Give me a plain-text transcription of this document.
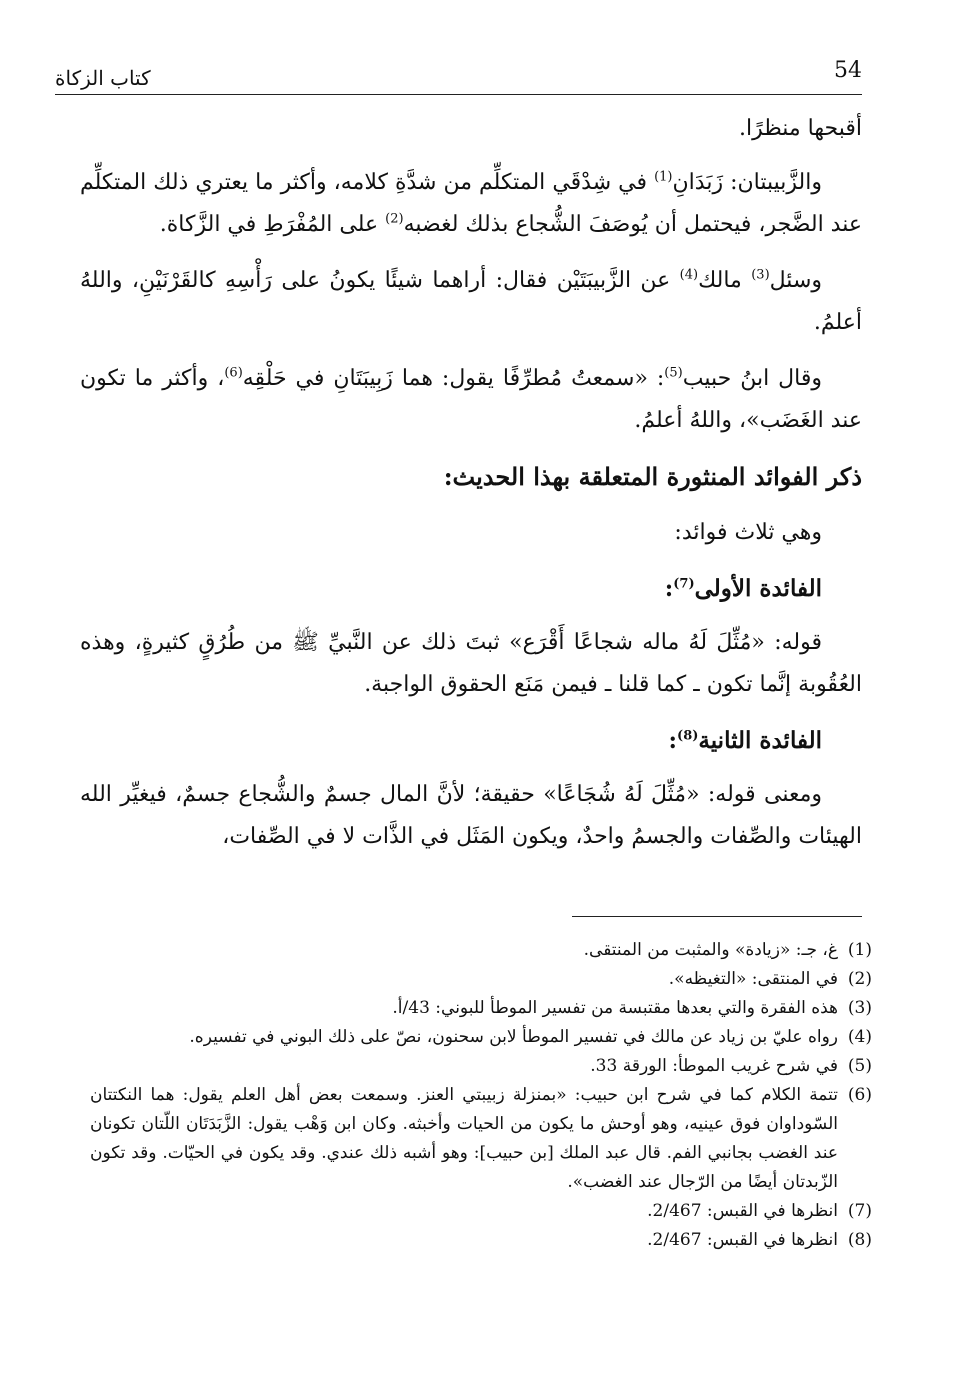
54
كتاب الزكاة

أقبحها منظرًا.

والزَّبيبتان: زَبَدَانِ$^{(1)}$ في شِدْقَي المتكلِّم من شدَّةِ كلامه، وأكثر ما يعتري ذلك المتكلِّم عند الضَّجر، فيحتمل أن يُوصَفَ الشُّجاع بذلك لغضبه$^{(2)}$ على المُفْرَطِ في الزَّكاة.

وسئل$^{(3)}$ مالك$^{(4)}$ عن الزَّبيبَتَيْن فقال: أراهما شيئًا يكونُ على رَأْسِهِ كالقَرْنَيْنِ، واللهُ أعلمُ.

وقال ابنُ حبيب$^{(5)}$: «سمعتُ مُطرِّفًا يقول: هما زَبِيبَتَانِ في حَلْقِه$^{(6)}$، وأكثر ما تكون عند الغَضَب»، واللهُ أعلمُ.

ذكر الفوائد المنثورة المتعلقة بهذا الحديث:

وهي ثلاث فوائد:

الفائدة الأولى$^{(7)}$:

قوله: «مُثِّلَ لَهُ ماله شجاعًا أَقْرَع» ثبتَ ذلك عن النَّبيِّ ﷺ من طُرُقٍ كثيرةٍ، وهذه العُقُوبة إنَّما تكون ـ كما قلنا ـ فيمن مَنَع الحقوق الواجبة.

الفائدة الثانية$^{(8)}$:

ومعنى قوله: «مُثِّلَ لَهُ شُجَاعًا» حقيقة؛ لأنَّ المال جسمٌ والشُّجاع جسمٌ، فيغيِّر الله الهيئات والصِّفات والجسمُ واحدٌ، ويكون المَثَل في الذَّات لا في الصِّفات،

(1)
غ، جـ: «زيادة» والمثبت من المنتقى.
(2)
في المنتقى: «التغيظه».
(3)
هذه الفقرة والتي بعدها مقتبسة من تفسير الموطأ للبوني: 43/أ.
(4)
رواه عليّ بن زياد عن مالك في تفسير الموطأ لابن سحنون، نصّ على ذلك البوني في تفسيره.
(5)
في شرح غريب الموطأ: الورقة 33.
(6)
تتمة الكلام كما في شرح ابن حبيب: «بمنزلة زبيبتي العنز. وسمعت بعض أهل العلم يقول: هما النكتتان السّوداوان فوق عينيه، وهو أوحش ما يكون من الحيات وأخبثه. وكان ابن وَهْب يقول: الزَّبَدَتَان اللّتان تكونان عند الغضب بجانبي الفم. قال عبد الملك [بن حبيب]: وهو أشبه ذلك عندي. وقد يكون في الحيّات. وقد تكون الزّبدتان أيضًا من الرّجال عند الغضب».
(7)
انظرها في القبس: 2/467.
(8)
انظرها في القبس: 2/467.
